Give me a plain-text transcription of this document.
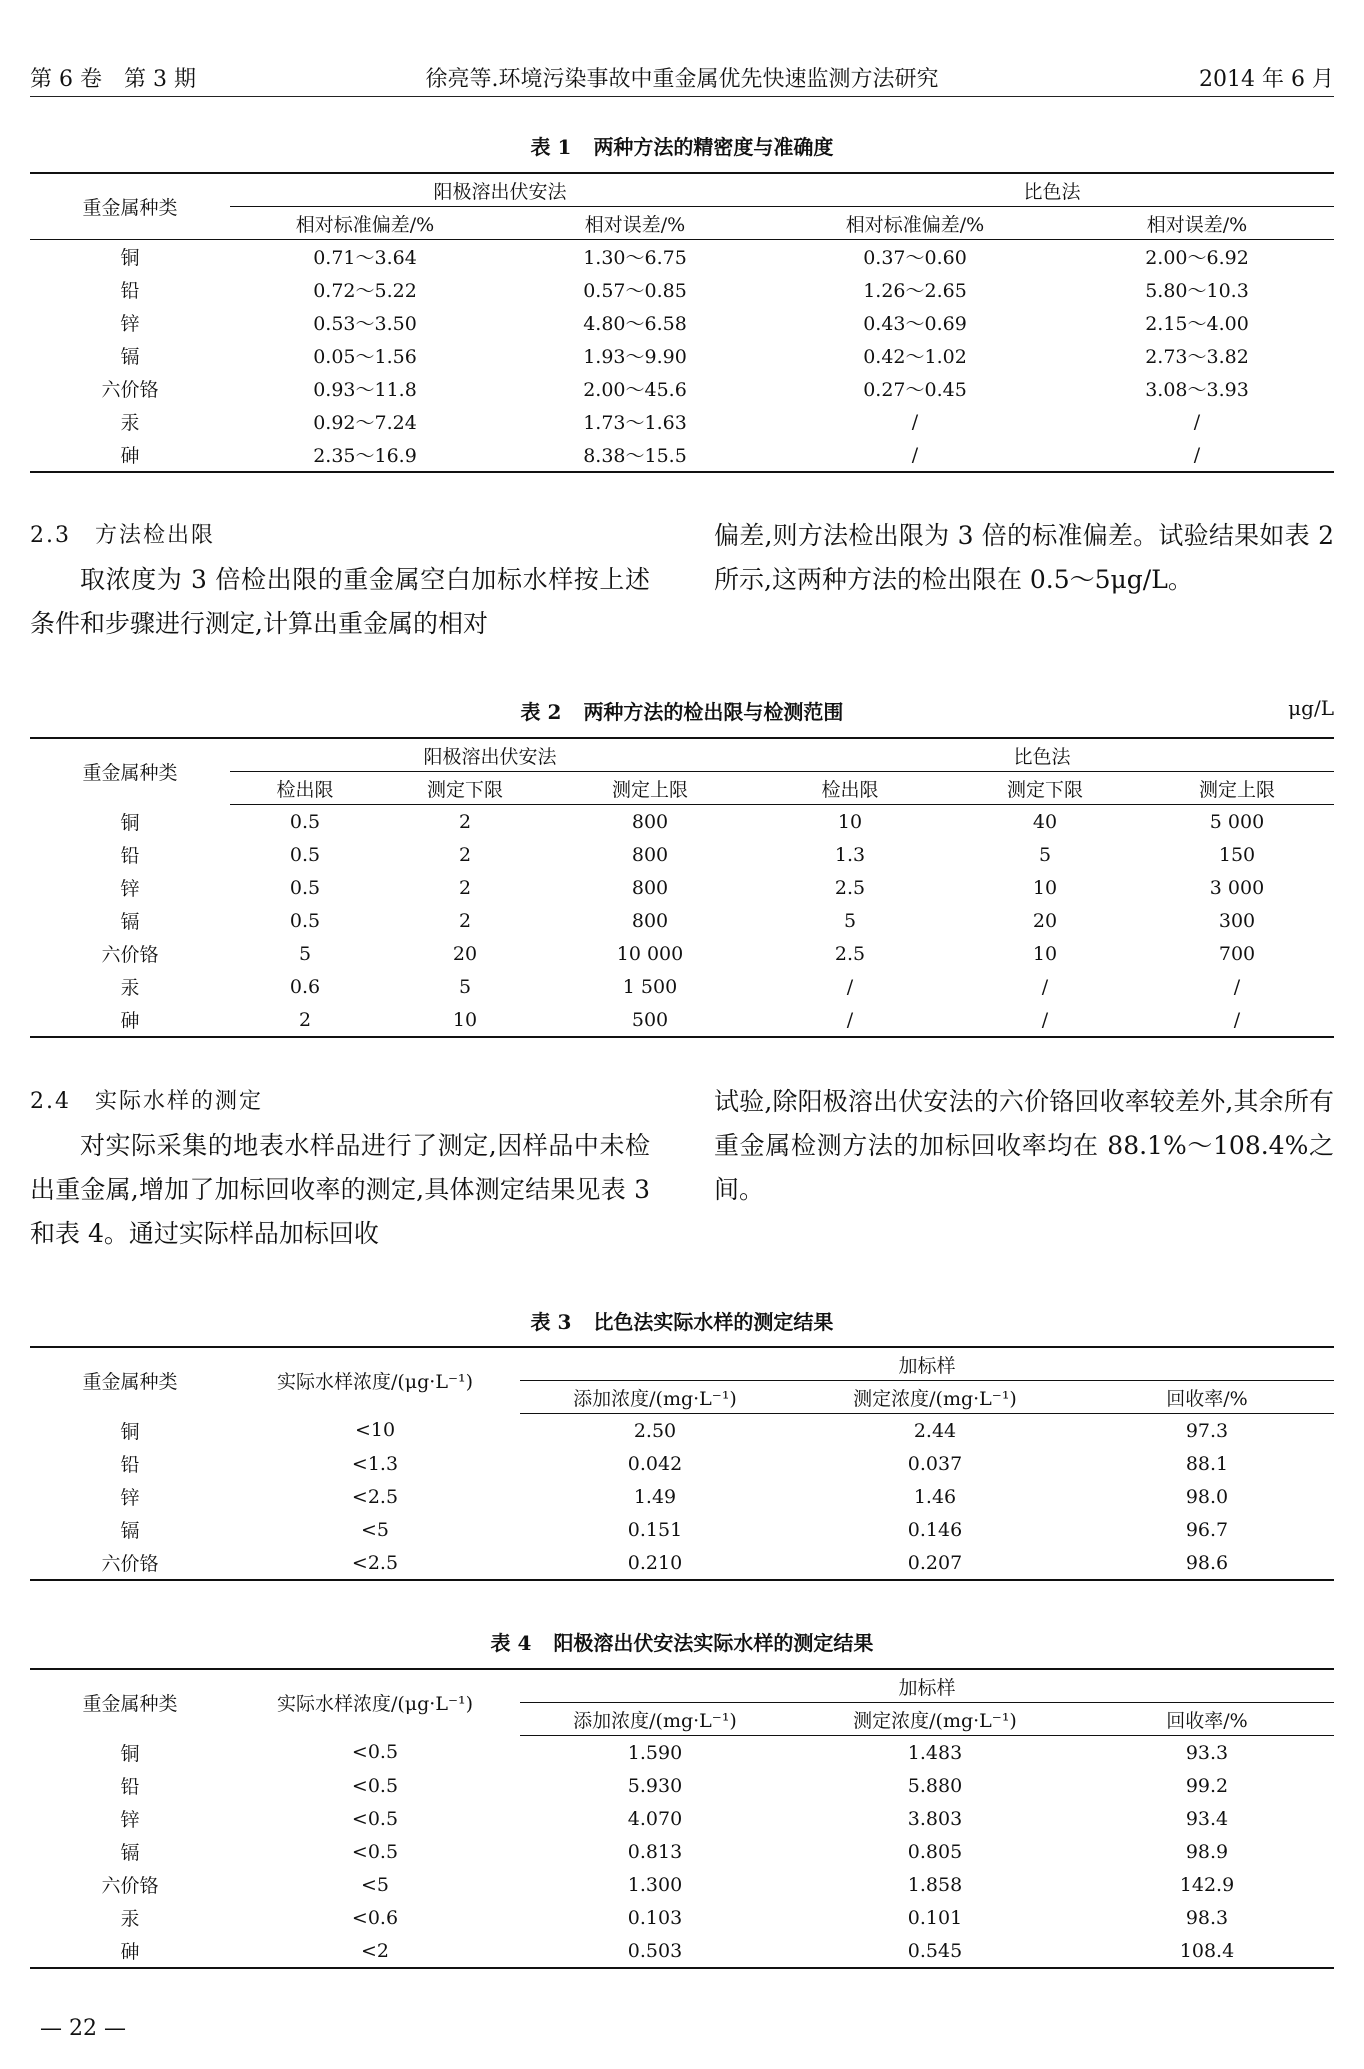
第 6 卷　第 3 期	徐亮等.环境污染事故中重金属优先快速监测方法研究	2014 年 6 月
表 1 两种方法的精密度与准确度
重金属种类	阳极溶出伏安法		比色法	
	相对标准偏差/%	相对误差/%	相对标准偏差/%	相对误差/%
铜	0.71～3.64	1.30～6.75	0.37～0.60	2.00～6.92
铅	0.72～5.22	0.57～0.85	1.26～2.65	5.80～10.3
锌	0.53～3.50	4.80～6.58	0.43～0.69	2.15～4.00
镉	0.05～1.56	1.93～9.90	0.42～1.02	2.73～3.82
六价铬	0.93～11.8	2.00～45.6	0.27～0.45	3.08～3.93
汞	0.92～7.24	1.73～1.63	/	/
砷	2.35～16.9	8.38～15.5	/	/
2.3 方法检出限

取浓度为 3 倍检出限的重金属空白加标水样按上述条件和步骤进行测定,计算出重金属的相对

偏差,则方法检出限为 3 倍的标准偏差。试验结果如表 2 所示,这两种方法的检出限在 0.5～5μg/L。

表 2 两种方法的检出限与检测范围	μg/L
重金属种类	阳极溶出伏安法			比色法		
	检出限	测定下限	测定上限	检出限	测定下限	测定上限
铜	0.5	2	800	10	40	5 000
铅	0.5	2	800	1.3	5	150
锌	0.5	2	800	2.5	10	3 000
镉	0.5	2	800	5	20	300
六价铬	5	20	10 000	2.5	10	700
汞	0.6	5	1 500	/	/	/
砷	2	10	500	/	/	/
2.4 实际水样的测定

对实际采集的地表水样品进行了测定,因样品中未检出重金属,增加了加标回收率的测定,具体测定结果见表 3 和表 4。通过实际样品加标回收

试验,除阳极溶出伏安法的六价铬回收率较差外,其余所有重金属检测方法的加标回收率均在 88.1%～108.4%之间。

表 3 比色法实际水样的测定结果
重金属种类	实际水样浓度/(μg·L⁻¹)	加标样		
		添加浓度/(mg·L⁻¹)	测定浓度/(mg·L⁻¹)	回收率/%
铜	<10	2.50	2.44	97.3
铅	<1.3	0.042	0.037	88.1
锌	<2.5	1.49	1.46	98.0
镉	<5	0.151	0.146	96.7
六价铬	<2.5	0.210	0.207	98.6
表 4 阳极溶出伏安法实际水样的测定结果
重金属种类	实际水样浓度/(μg·L⁻¹)	加标样		
		添加浓度/(mg·L⁻¹)	测定浓度/(mg·L⁻¹)	回收率/%
铜	<0.5	1.590	1.483	93.3
铅	<0.5	5.930	5.880	99.2
锌	<0.5	4.070	3.803	93.4
镉	<0.5	0.813	0.805	98.9
六价铬	<5	1.300	1.858	142.9
汞	<0.6	0.103	0.101	98.3
砷	<2	0.503	0.545	108.4
— 22 —
